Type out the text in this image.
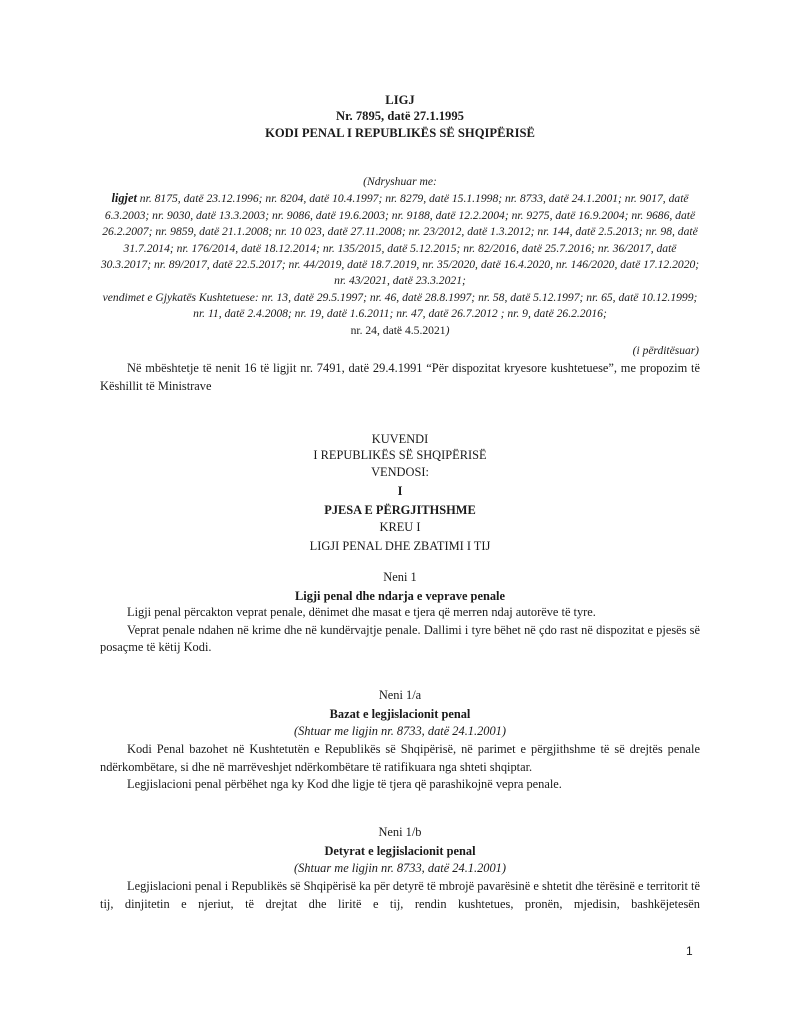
LIGJ
Nr. 7895, datë 27.1.1995
KODI PENAL I REPUBLIKËS SË SHQIPËRISË
(Ndryshuar me:
ligjet nr. 8175, datë 23.12.1996; nr. 8204, datë 10.4.1997; nr. 8279, datë 15.1.1998; nr. 8733, datë 24.1.2001; nr. 9017, datë 6.3.2003; nr. 9030, datë 13.3.2003; nr. 9086, datë 19.6.2003; nr. 9188, datë 12.2.2004; nr. 9275, datë 16.9.2004; nr. 9686, datë 26.2.2007; nr. 9859, datë 21.1.2008; nr. 10 023, datë 27.11.2008; nr. 23/2012, datë 1.3.2012; nr. 144, datë 2.5.2013; nr. 98, datë 31.7.2014; nr. 176/2014, datë 18.12.2014; nr. 135/2015, datë 5.12.2015; nr. 82/2016, datë 25.7.2016; nr. 36/2017, datë 30.3.2017; nr. 89/2017, datë 22.5.2017; nr. 44/2019, datë 18.7.2019, nr. 35/2020, datë 16.4.2020, nr. 146/2020, datë 17.12.2020; nr. 43/2021, datë 23.3.2021;
vendimet e Gjykatës Kushtetuese: nr. 13, datë 29.5.1997; nr. 46, datë 28.8.1997; nr. 58, datë 5.12.1997; nr. 65, datë 10.12.1999; nr. 11, datë 2.4.2008; nr. 19, datë 1.6.2011; nr. 47, datë 26.7.2012 ; nr. 9, datë 26.2.2016;
nr. 24, datë 4.5.2021)
(i përditësuar)

Në mbështetje të nenit 16 të ligjit nr. 7491, datë 29.4.1991 “Për dispozitat kryesore kushtetuese”, me propozim të Këshillit të Ministrave

KUVENDI
I REPUBLIKËS SË SHQIPËRISË
VENDOSI:
I
PJESA E PËRGJITHSHME
KREU I
LIGJI PENAL DHE ZBATIMI I TIJ
Neni 1
Ligji penal dhe ndarja e veprave penale

Ligji penal përcakton veprat penale, dënimet dhe masat e tjera që merren ndaj autorëve të tyre.

Veprat penale ndahen në krime dhe në kundërvajtje penale. Dallimi i tyre bëhet në çdo rast në dispozitat e pjesës së posaçme të këtij Kodi.

Neni 1/a
Bazat e legjislacionit penal
(Shtuar me ligjin nr. 8733, datë 24.1.2001)

Kodi Penal bazohet në Kushtetutën e Republikës së Shqipërisë, në parimet e përgjithshme të së drejtës penale ndërkombëtare, si dhe në marrëveshjet ndërkombëtare të ratifikuara nga shteti shqiptar.

Legjislacioni penal përbëhet nga ky Kod dhe ligje të tjera që parashikojnë vepra penale.

Neni 1/b
Detyrat e legjislacionit penal
(Shtuar me ligjin nr. 8733, datë 24.1.2001)

Legjislacioni penal i Republikës së Shqipërisë ka për detyrë të mbrojë pavarësinë e shtetit dhe tërësinë e territorit të tij, dinjitetin e njeriut, të drejtat dhe liritë e tij, rendin kushtetues, pronën, mjedisin, bashkëjetesën

1
